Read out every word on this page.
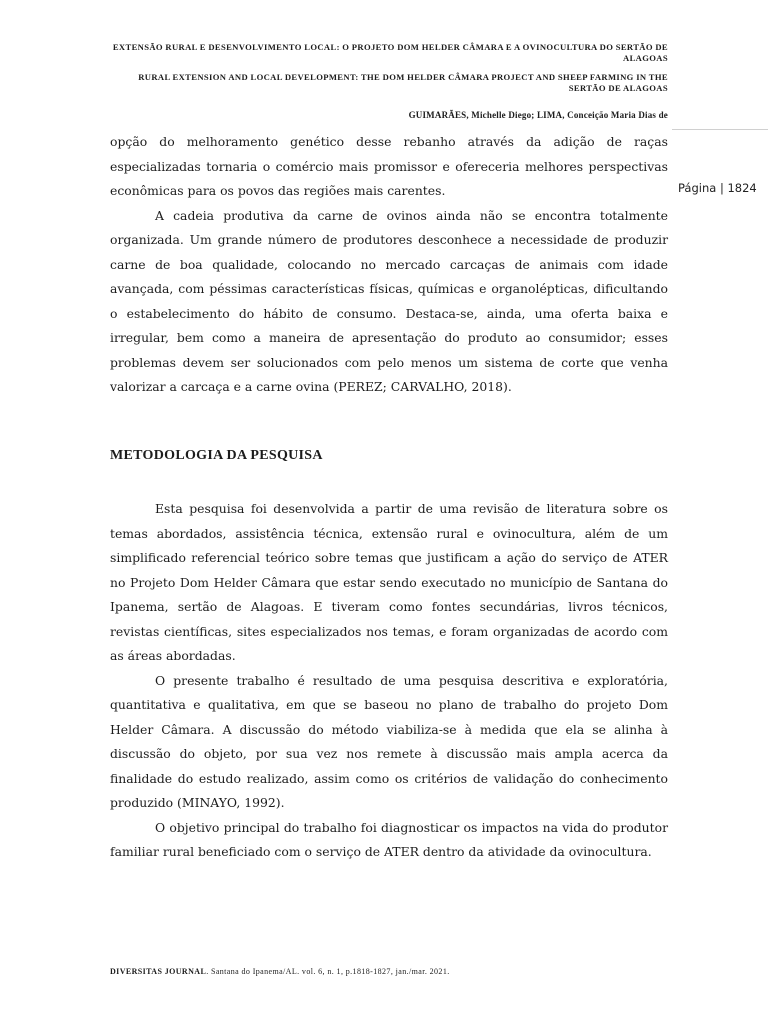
EXTENSÃO RURAL E DESENVOLVIMENTO LOCAL: O PROJETO DOM HELDER CÂMARA E A OVINOCULTURA DO SERTÃO DE ALAGOAS
RURAL EXTENSION AND LOCAL DEVELOPMENT: THE DOM HELDER CÂMARA PROJECT AND SHEEP FARMING IN THE SERTÃO DE ALAGOAS
GUIMARÃES, Michelle Diego; LIMA, Conceição Maria Dias de
Página | 1824

opção do melhoramento genético desse rebanho através da adição de raças especializadas tornaria o comércio mais promissor e ofereceria melhores perspectivas econômicas para os povos das regiões mais carentes.

A cadeia produtiva da carne de ovinos ainda não se encontra totalmente organizada. Um grande número de produtores desconhece a necessidade de produzir carne de boa qualidade, colocando no mercado carcaças de animais com idade avançada, com péssimas características físicas, químicas e organolépticas, dificultando o estabelecimento do hábito de consumo. Destaca-se, ainda, uma oferta baixa e irregular, bem como a maneira de apresentação do produto ao consumidor; esses problemas devem ser solucionados com pelo menos um sistema de corte que venha valorizar a carcaça e a carne ovina (PEREZ; CARVALHO, 2018).

METODOLOGIA DA PESQUISA

Esta pesquisa foi desenvolvida a partir de uma revisão de literatura sobre os temas abordados, assistência técnica, extensão rural e ovinocultura, além de um simplificado referencial teórico sobre temas que justificam a ação do serviço de ATER no Projeto Dom Helder Câmara que estar sendo executado no município de Santana do Ipanema, sertão de Alagoas. E tiveram como fontes secundárias, livros técnicos, revistas científicas, sites especializados nos temas, e foram organizadas de acordo com as áreas abordadas.

O presente trabalho é resultado de uma pesquisa descritiva e exploratória, quantitativa e qualitativa, em que se baseou no plano de trabalho do projeto Dom Helder Câmara. A discussão do método viabiliza-se à medida que ela se alinha à discussão do objeto, por sua vez nos remete à discussão mais ampla acerca da finalidade do estudo realizado, assim como os critérios de validação do conhecimento produzido (MINAYO, 1992).

O objetivo principal do trabalho foi diagnosticar os impactos na vida do produtor familiar rural beneficiado com o serviço de ATER dentro da atividade da ovinocultura.

DIVERSITAS JOURNAL. Santana do Ipanema/AL. vol. 6, n. 1, p.1818-1827, jan./mar. 2021.
